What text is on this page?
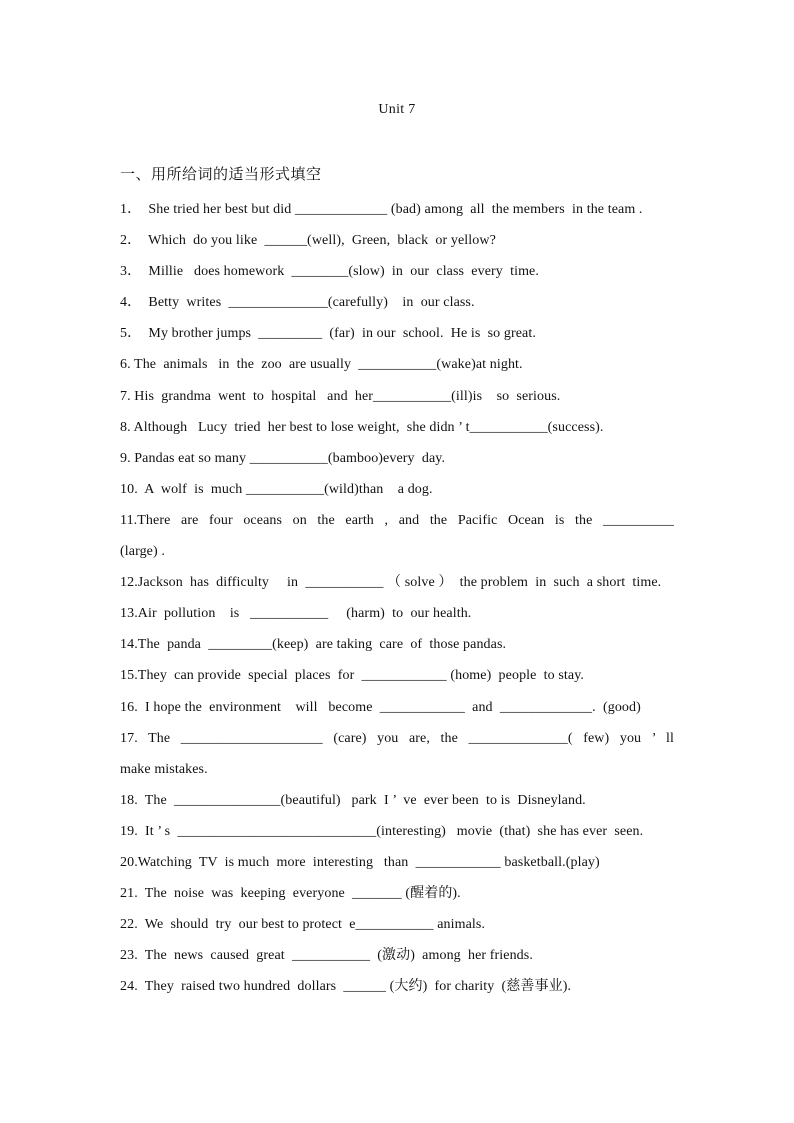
Unit 7
一、用所给词的适当形式填空
1．  She tried her best but did _____________ (bad) among  all  the members  in the team .
2．  Which  do you like  ______(well),  Green,  black  or yellow?
3．  Millie   does homework  ________(slow)  in  our  class  every  time.
4．  Betty  writes  ______________(carefully)    in  our class.
5．  My brother jumps  _________  (far)  in our  school.  He is  so great.
6. The  animals   in  the  zoo  are usually  ___________(wake)at night.
7. His  grandma  went  to  hospital   and  her___________(ill)is    so  serious.
8. Although   Lucy  tried  her best to lose weight,  she didn ’ t___________(success).
9. Pandas eat so many ___________(bamboo)every  day.
10.  A  wolf  is  much ___________(wild)than    a dog.
11.There are four oceans on the earth , and the Pacific Ocean is the __________
(large) .
12.Jackson  has  difficulty     in  ___________ （ solve ）  the problem  in  such  a short  time.
13.Air  pollution    is   ___________     (harm)  to  our health.
14.The  panda  _________(keep)  are taking  care  of  those pandas.
15.They  can provide  special  places  for  ____________ (home)  people  to stay.
16.  I hope the  environment    will   become  ____________  and  _____________.  (good)
17. The ____________________ (care) you are, the ______________( few) you ’ ll
make mistakes.
18.  The  _______________(beautiful)   park  I ’  ve  ever been  to is  Disneyland.
19.  It ’ s  ____________________________(interesting)   movie  (that)  she has ever  seen.
20.Watching  TV  is much  more  interesting   than  ____________ basketball.(play)
21.  The  noise  was  keeping  everyone  _______ (醒着的).
22.  We  should  try  our best to protect  e___________ animals.
23.  The  news  caused  great  ___________  (激动)  among  her friends.
24.  They  raised two hundred  dollars  ______ (大约)  for charity  (慈善事业).
